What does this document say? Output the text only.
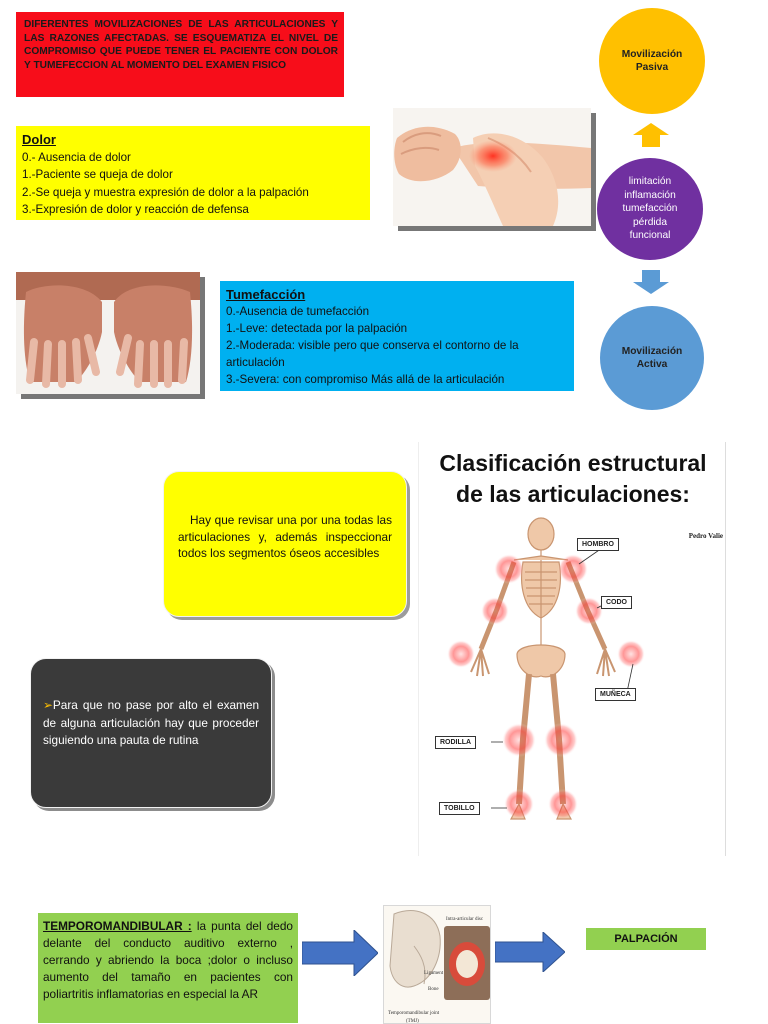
DIFERENTES MOVILIZACIONES DE LAS ARTICULACIONES Y LAS RAZONES AFECTADAS. SE ESQUEMATIZA EL NIVEL DE COMPROMISO QUE PUEDE TENER EL PACIENTE CON DOLOR Y TUMEFECCION AL MOMENTO DEL EXAMEN FISICO
Dolor
0.- Ausencia de dolor
1.-Paciente se queja de dolor
2.-Se queja y muestra expresión de dolor a la palpación
3.-Expresión de dolor y reacción de defensa
Tumefacción
0.-Ausencia de tumefacción
1.-Leve: detectada por la palpación
2.-Moderada: visible pero que conserva el contorno de la articulación
3.-Severa: con compromiso Más allá de la articulación
Movilización Pasiva
limitación
inflamación
tumefacción
pérdida
funcional
Movilización Activa
Hay que revisar una por una todas las articulaciones y, además inspeccionar todos los segmentos óseos accesibles
➢Para que no pase por alto el examen de alguna articulación hay que proceder siguiendo una pauta de rutina
Clasificación estructural
de las articulaciones:
Pedro Valie
HOMBRO
CODO
MUÑECA
RODILLA
TOBILLO
TEMPOROMANDIBULAR : la punta del dedo delante del conducto auditivo externo , cerrando y abriendo la boca ;dolor o incluso aumento del tamaño en pacientes con poliartritis inflamatorias en especial la AR
Intra-articular disc
Ligament
Bone
Temporomandibular joint
(TMJ)
PALPACIÓN
